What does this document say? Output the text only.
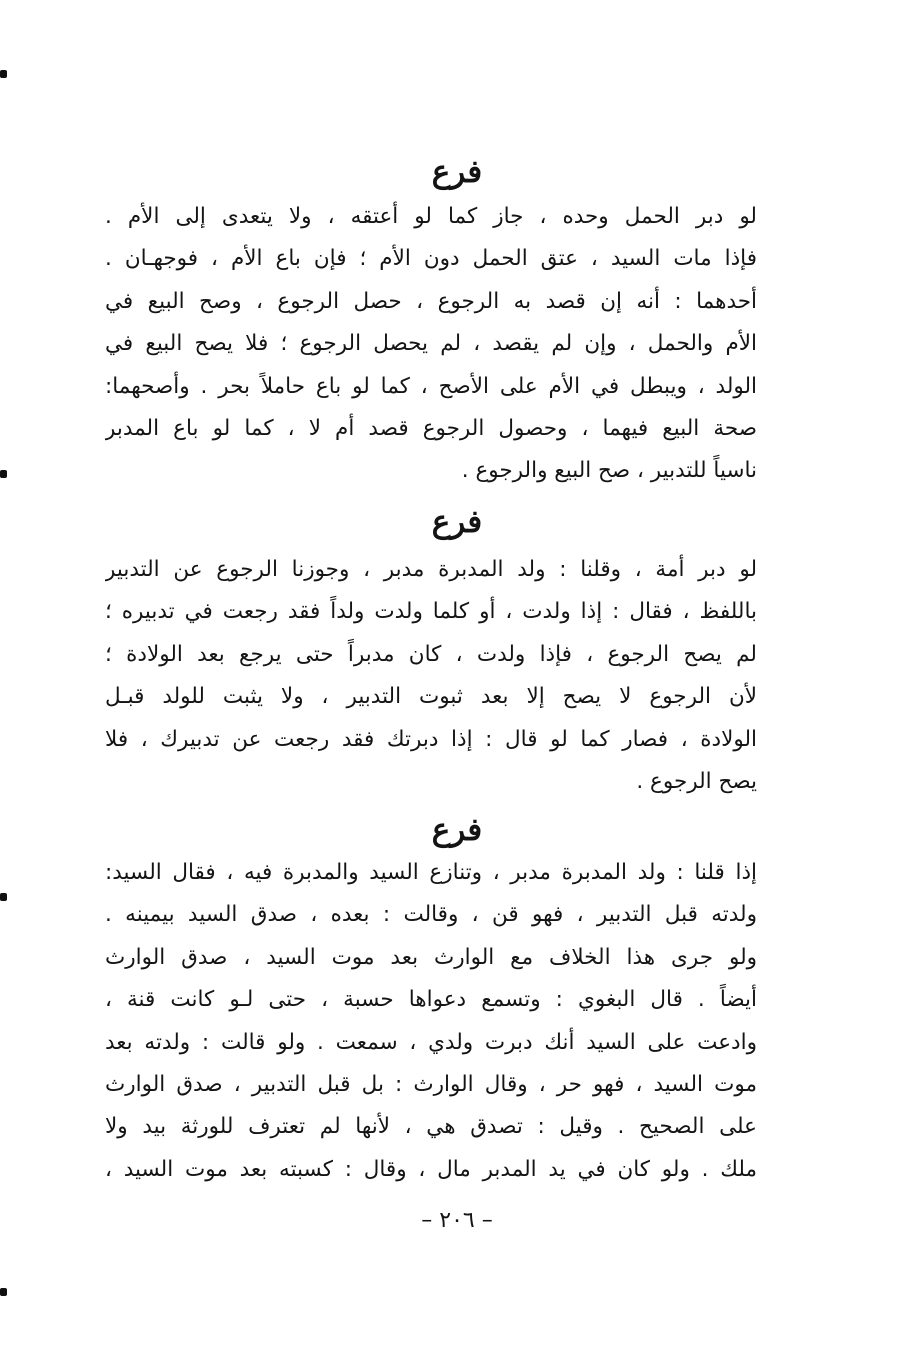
فرع
لو دبر الحمل وحده ، جاز كما لو أعتقه ، ولا يتعدى إلى الأم .
فإذا مات السيد ، عتق الحمل دون الأم ؛ فإن باع الأم ، فوجهـان .
أحدهما : أنه إن قصد به الرجوع ، حصل الرجوع ، وصح البيع في
الأم والحمل ، وإن لم يقصد ، لم يحصل الرجوع ؛ فلا يصح البيع في
الولد ، ويبطل في الأم على الأصح ، كما لو باع حاملاً بحر . وأصحهما:
صحة البيع فيهما ، وحصول الرجوع قصد أم لا ، كما لو باع المدبر
ناسياً للتدبير ، صح البيع والرجوع .
فرع
لو دبر أمة ، وقلنا : ولد المدبرة مدبر ، وجوزنا الرجوع عن التدبير
باللفظ ، فقال : إذا ولدت ، أو كلما ولدت ولداً فقد رجعت في تدبيره ؛
لم يصح الرجوع ، فإذا ولدت ، كان مدبراً حتى يرجع بعد الولادة ؛
لأن الرجوع لا يصح إلا بعد ثبوت التدبير ، ولا يثبت للولد قبـل
الولادة ، فصار كما لو قال : إذا دبرتك فقد رجعت عن تدبيرك ، فلا
يصح الرجوع .
فرع
إذا قلنا : ولد المدبرة مدبر ، وتنازع السيد والمدبرة فيه ، فقال السيد:
ولدته قبل التدبير ، فهو قن ، وقالت : بعده ، صدق السيد بيمينه .
ولو جرى هذا الخلاف مع الوارث بعد موت السيد ، صدق الوارث
أيضاً . قال البغوي : وتسمع دعواها حسبة ، حتى لـو كانت قنة ،
وادعت على السيد أنك دبرت ولدي ، سمعت . ولو قالت : ولدته بعد
موت السيد ، فهو حر ، وقال الوارث : بل قبل التدبير ، صدق الوارث
على الصحيح . وقيل : تصدق هي ، لأنها لم تعترف للورثة بيد ولا
ملك . ولو كان في يد المدبر مال ، وقال : كسبته بعد موت السيد ،
– ٢٠٦ –
